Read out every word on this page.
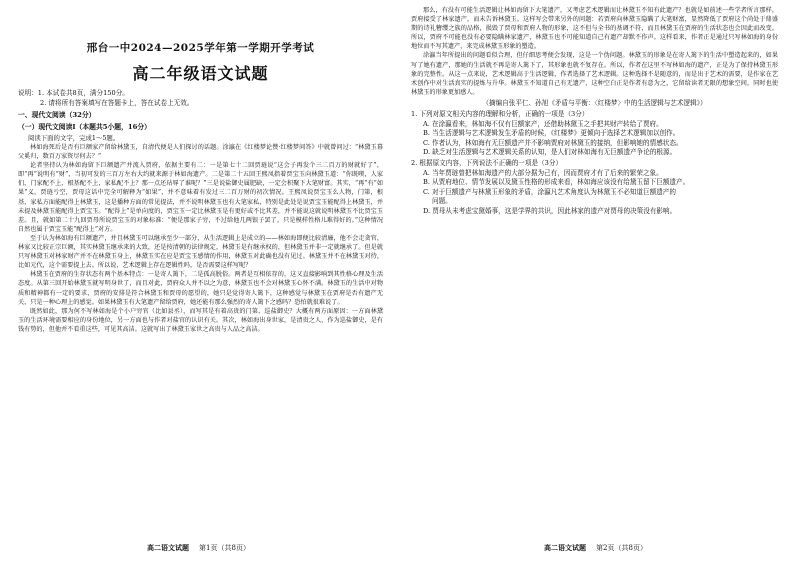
邢台一中2024—2025学年第一学期开学考试
高二年级语文试题

说明：1. 本试卷共8页，满分150分。

2. 请将所有答案填写在答题卡上，答在试卷上无效。

一、现代文阅读（32分）

（一）现代文阅读Ⅰ（本题共5小题，16分）

阅读下面的文字，完成1～5题。

林如海死后是否有巨额家产留给林黛玉，自清代便是人们探讨的话题。涂瀛在《红楼梦论赞·红楼梦问答》中就曾问过：“林黛玉幕父奚归，数百万家资尽何去？”

论者坚持认为林如海留下巨额遗产并流入贾府，依据主要有二：一是第七十二回贾琏说“这会子再发个三二百万的财就好了”，即“再”说明有“财”，当初可发的三百万左右大约就来源于林如海遗产。二是第二十五回王熙凤指着贾宝玉向林黛玉道：“你既喫，人家们，门家配不上，根基配不上，家私配不上？那一点还玷辱了谁呢？”三是说盐御史属肥缺，一定会积聚下大笔财富。其实，“再”有“如果”义，贾琏亏空，贾母这话中完全可解释为“如果”，并不意味着有发过三二百万财的初次情况。王熙凤说贾宝玉么人物，门第，根基，家私方面能配得上林黛玉，这是播种方面的常见提法，并不说明林黛玉也有大笔家私，特别是此处是说贾宝玉能配得上林黛玉，并未提及林黛玉能配得上贾宝玉。“配得上”是单向度的，贾宝玉一定比林黛玉是有更好或不比其差，并不能说这就说明林黛玉不比贾宝玉差。且，就如第二十九回贾母所说贾宝玉的对象标准：“便是那家子穷，不过给他几两银子罢了。只是模样性格儿难得好的。”这种情况自然也属于贾宝玉能“配得上”对方。

至于认为林如海有巨额遗产，并且林黛玉可以继承至少一部分，从生活逻辑上是成立的——林如海即便比较清廉，他不会走贪官，林家又比较正宗巨额，其实林黛玉继承来的大致，还是按清朝的法律规定，林黛玉是有继承权的，但林黛玉并非一定就继承了。但是就只写林黛玉对林家财产并不在林黛玉身上，林黛玉实在应是贾宝玉感情的作用，林黛玉对此确也没有见过。林黛玉并不在林黛玉对待，比如元代，这个需要提上去。所以说，艺术逻辑上存在逻辑性吗，是否需要这样写呢？

林黛玉在贾府的生存状态有两个基本特点：一是寄人篱下，二是孤高脱俗。两者是互相依存的，这又直接影响到其性格心理及生活态度。从第三回开始林黛玉就写明身世了，而且对此，贾府众人并不以之为意，林黛玉也不会对林黛玉心怀不满。林黛玉的生活中对物质和精神都有一定的要求，贾府的安排是符合林黛玉和贾母的愿望的，她只是觉得寄人篱下，这种感觉与林黛玉在贾府是否有遗产无关，只是一种心理上的感觉。如果林黛玉有大笔遗产留给贾府，她还能有那么强烈的寄人篱下之感吗？恐怕就很难说了。

既然如此，那为何不写林如海是个小户穷官（比如县丞），而写其是有着高贵的门第、巡盐御史？大概有两方面原因：一方面林黛玉的生活环境需要相应的身份地位，另一方面也与作者对盐官的认识有关。其次，林如海出身世家，是清贵之人，作为巡盐御史，是有钱有势的，但他并不看重这些，可见其高洁。这就写出了林黛玉家世之高贵与人品之高洁。

高二语文试题 第1页（共8页）

那么，有没有可能生活逻辑让林如海留下大笔遗产，又考虑艺术逻辑而让林黛玉不知有此遗产？也就是如前述一些学者所言那样，贾府接受了林家遗产，而未告诉林黛玉。这样写会带来另外的问题：若贾府向林黛玉隐瞒了大笔财富，显然降低了贾府这个尚处于鼎盛期的诗礼簪缨之族的品格，损毁了贾母和贾府人物的形象，这不但与全书的基调不符，而且林黛玉在贾府的生活状态也会因此而改变。所以，贾府不可能也没有必要隐瞒林家遗产，林黛玉也不可能知道自己有遗产却默不作声。这样看来，作者正是通过只写林如海的身份地位而不写其遗产，来完成林黛玉形象的塑造。

涂瀛当年所提出的问题看似合理，但仔细思考便会发现，这是一个伪问题。林黛玉的形象是在寄人篱下的生活中塑造起来的，如果写了她有遗产，那她的生活就不再是寄人篱下了，其形象也就不复存在。所以，作者在这里不写林如海的遗产，正是为了保持林黛玉形象的完整性。从这一点来说，艺术逻辑高于生活逻辑，作者选择了艺术逻辑。这种选择不是随意的，而是出于艺术的需要，是作家在艺术创作中对生活真实的提炼与升华。林黛玉不知道自己有无遗产，这种空白正是作者有意为之，它留给读者无限的想象空间，同时也使林黛玉的形象更加感人。

（摘编自张平仁、孙旭《矛盾与平衡：〈红楼梦〉中的生活逻辑与艺术逻辑》）

1. 下列对原文相关内容的理解和分析，正确的一项是（3分）

A. 在涂瀛看来，林如海不仅有巨额家产，还借助林黛玉之手把其财产转给了贾府。

B. 当生活逻辑与艺术逻辑发生矛盾的时候，《红楼梦》更倾向于选择艺术逻辑加以创作。

C. 作者认为，林如海有无巨额遗产并不影响贾府对林黛玉的接纳，但影响她的情感状态。

D. 缺乏对生活逻辑与艺术逻辑关系的认知，是人们对林如海有无巨额遗产争论的根源。

2. 根据原文内容，下列说法不正确的一项是（3分）

A. 当年贾琏曾把林如海遗产的大部分据为己有，因而贾府才有了后来的繁荣之象。

B. 从贾府地位、情节发展以及黛玉性格的形成来看，林如海应该没有给黛玉留下巨额遗产。

C. 对于巨额遗产与林黛玉形象的矛盾，涂瀛凡艺术角度认为林黛玉不必知道巨额遗产的

问题。

D. 贾母从未考虑宝黛婚事，这是学界的共识，因此林家的遗产对贾母的决策没有影响。

高二语文试题 第2页（共8页）
